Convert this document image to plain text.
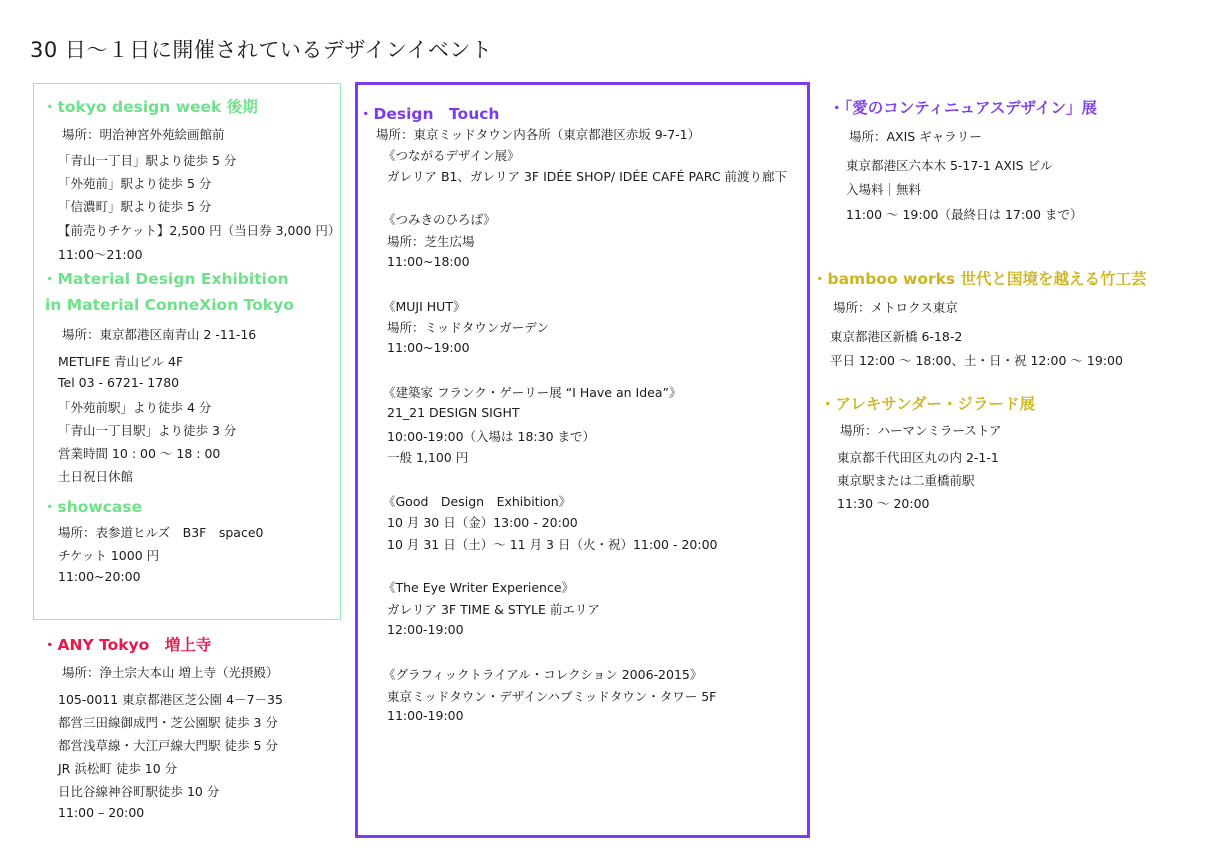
30 日～１日に開催されているデザインイベント
・tokyo design week 後期
場所：明治神宮外苑絵画館前
「青山一丁目」駅より徒歩 5 分
「外苑前」駅より徒歩 5 分
「信濃町」駅より徒歩 5 分
【前売りチケット】2,500 円（当日券 3,000 円）
11:00～21:00
・Material Design Exhibition
in Material ConneXion Tokyo
場所：東京都港区南青山 2 -11-16
METLIFE 青山ビル 4F
Tel 03 - 6721- 1780
「外苑前駅」より徒歩 4 分
「青山一丁目駅」より徒歩 3 分
営業時間 10 : 00 ～ 18 : 00
土日祝日休館
・showcase
場所：表参道ヒルズ　B3F　space0
チケット 1000 円
11:00~20:00
・ANY Tokyo　増上寺
場所：浄土宗大本山 増上寺（光摂殿）
105-0011 東京都港区芝公園 4－7－35
都営三田線御成門・芝公園駅 徒歩 3 分
都営浅草線・大江戸線大門駅 徒歩 5 分
JR 浜松町 徒歩 10 分
日比谷線神谷町駅徒歩 10 分
11:00 – 20:00
・Design　Touch
場所：東京ミッドタウン内各所（東京都港区赤坂 9-7-1）
《つながるデザイン展》
ガレリア B1、ガレリア 3F IDÉE SHOP/ IDÉE CAFÉ PARC 前渡り廊下
《つみきのひろば》
場所：芝生広場
11:00~18:00
《MUJI HUT》
場所：ミッドタウンガーデン
11:00~19:00
《建築家 フランク・ゲーリー展 “I Have an Idea”》
21_21 DESIGN SIGHT
10:00-19:00（入場は 18:30 まで）
一般 1,100 円
《Good　Design　Exhibition》
10 月 30 日（金）13:00 - 20:00
10 月 31 日（土）～ 11 月 3 日（火・祝）11:00 - 20:00
《The Eye Writer Experience》
ガレリア 3F TIME & STYLE 前エリア
12:00-19:00
《グラフィックトライアル・コレクション 2006-2015》
東京ミッドタウン・デザインハブミッドタウン・タワー 5F
11:00-19:00
・「愛のコンティニュアスデザイン」展
場所：AXIS ギャラリー
東京都港区六本木 5-17-1 AXIS ビル
入場料｜無料
11:00 ～ 19:00（最終日は 17:00 まで）
・bamboo works 世代と国境を越える竹工芸
場所：メトロクス東京
東京都港区新橋 6-18-2
平日 12:00 ～ 18:00、土・日・祝 12:00 ～ 19:00
・アレキサンダー・ジラード展
場所：ハーマンミラーストア
東京都千代田区丸の内 2-1-1
東京駅または二重橋前駅
11:30 ～ 20:00
